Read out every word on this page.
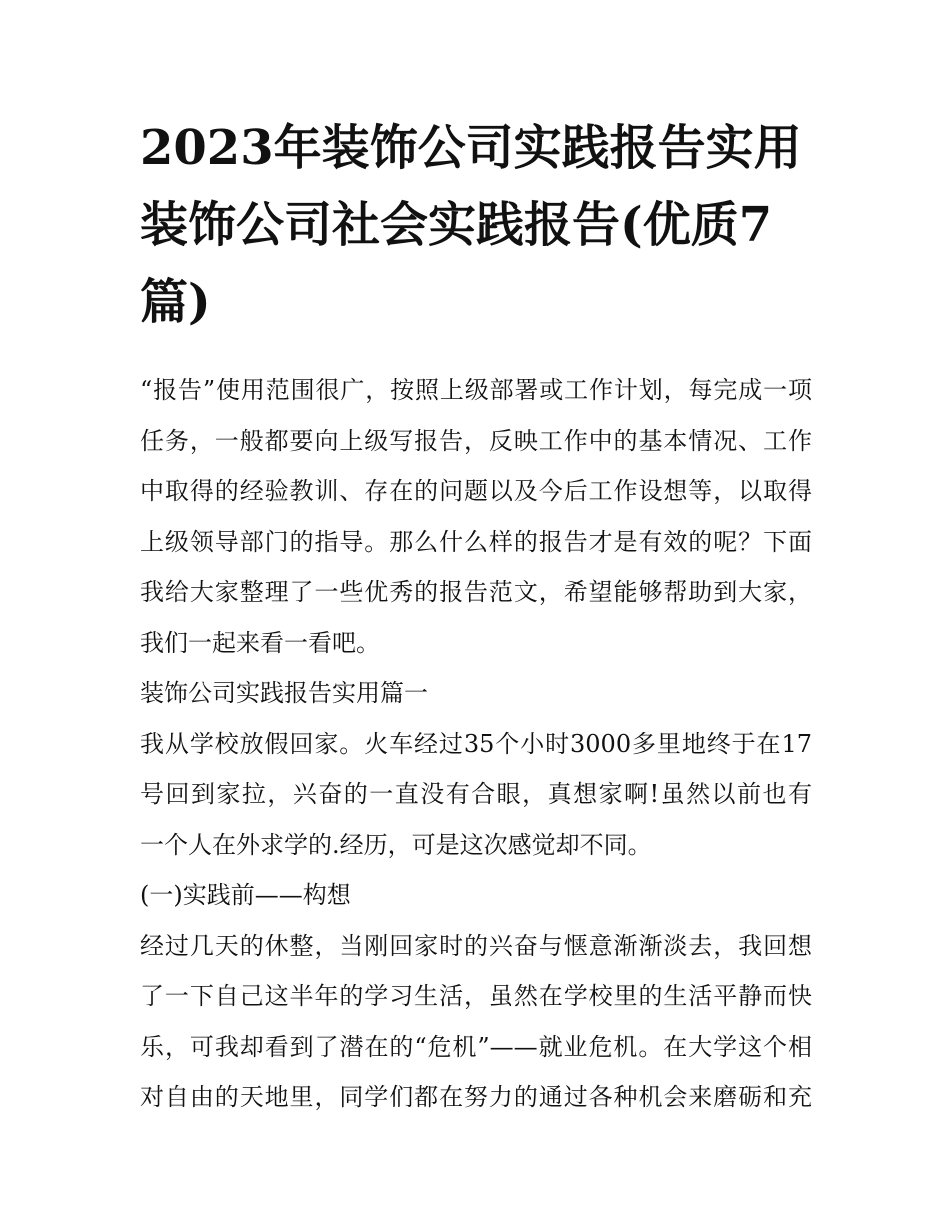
2023年装饰公司实践报告实用
装饰公司社会实践报告(优质7
篇)
“报告”使用范围很广，按照上级部署或工作计划，每完成一项
任务，一般都要向上级写报告，反映工作中的基本情况、工作
中取得的经验教训、存在的问题以及今后工作设想等，以取得
上级领导部门的指导。那么什么样的报告才是有效的呢？下面
我给大家整理了一些优秀的报告范文，希望能够帮助到大家，
我们一起来看一看吧。
装饰公司实践报告实用篇一
我从学校放假回家。火车经过35个小时3000多里地终于在17
号回到家拉，兴奋的一直没有合眼，真想家啊!虽然以前也有
一个人在外求学的.经历，可是这次感觉却不同。
(一)实践前——构想
经过几天的休整，当刚回家时的兴奋与惬意渐渐淡去，我回想
了一下自己这半年的学习生活，虽然在学校里的生活平静而快
乐，可我却看到了潜在的“危机”——就业危机。在大学这个相
对自由的天地里，同学们都在努力的通过各种机会来磨砺和充
